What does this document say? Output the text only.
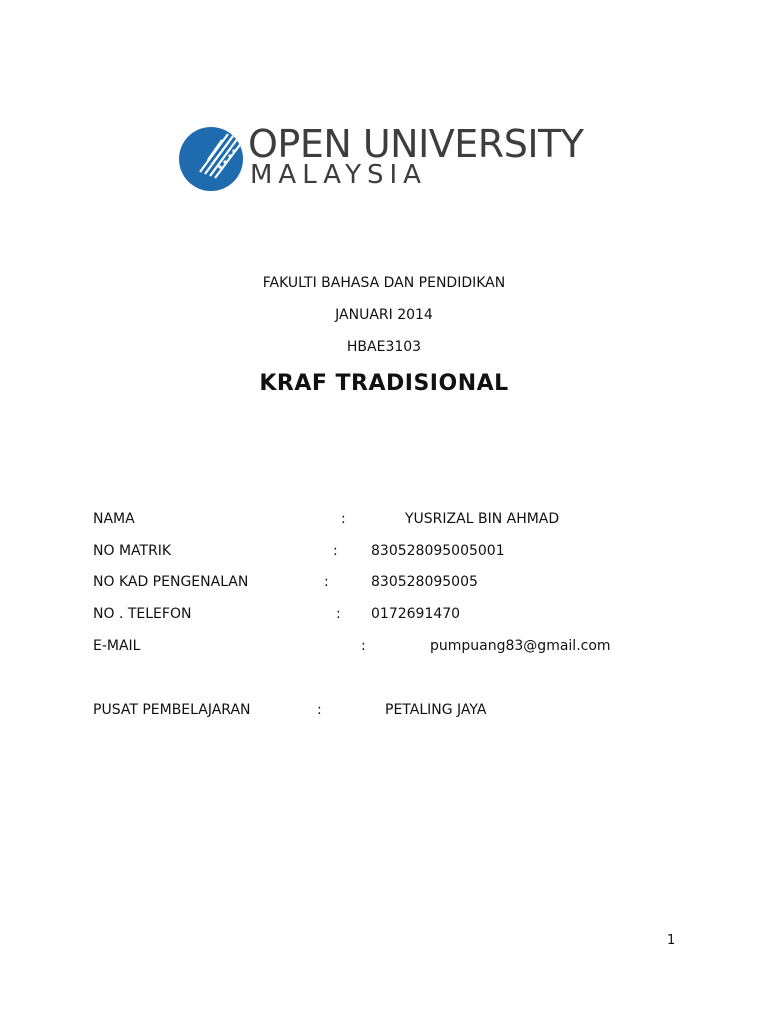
OPEN UNIVERSITY
MALAYSIA
FAKULTI BAHASA DAN PENDIDIKAN
JANUARI 2014
HBAE3103
KRAF TRADISIONAL
NAMA	:	YUSRIZAL BIN AHMAD
NO MATRIK	: 830528095005001
NO KAD PENGENALAN	:	830528095005
NO . TELEFON	: 0172691470
E-MAIL	:	pumpuang83@gmail.com
PUSAT PEMBELAJARAN	:	PETALING JAYA
1
